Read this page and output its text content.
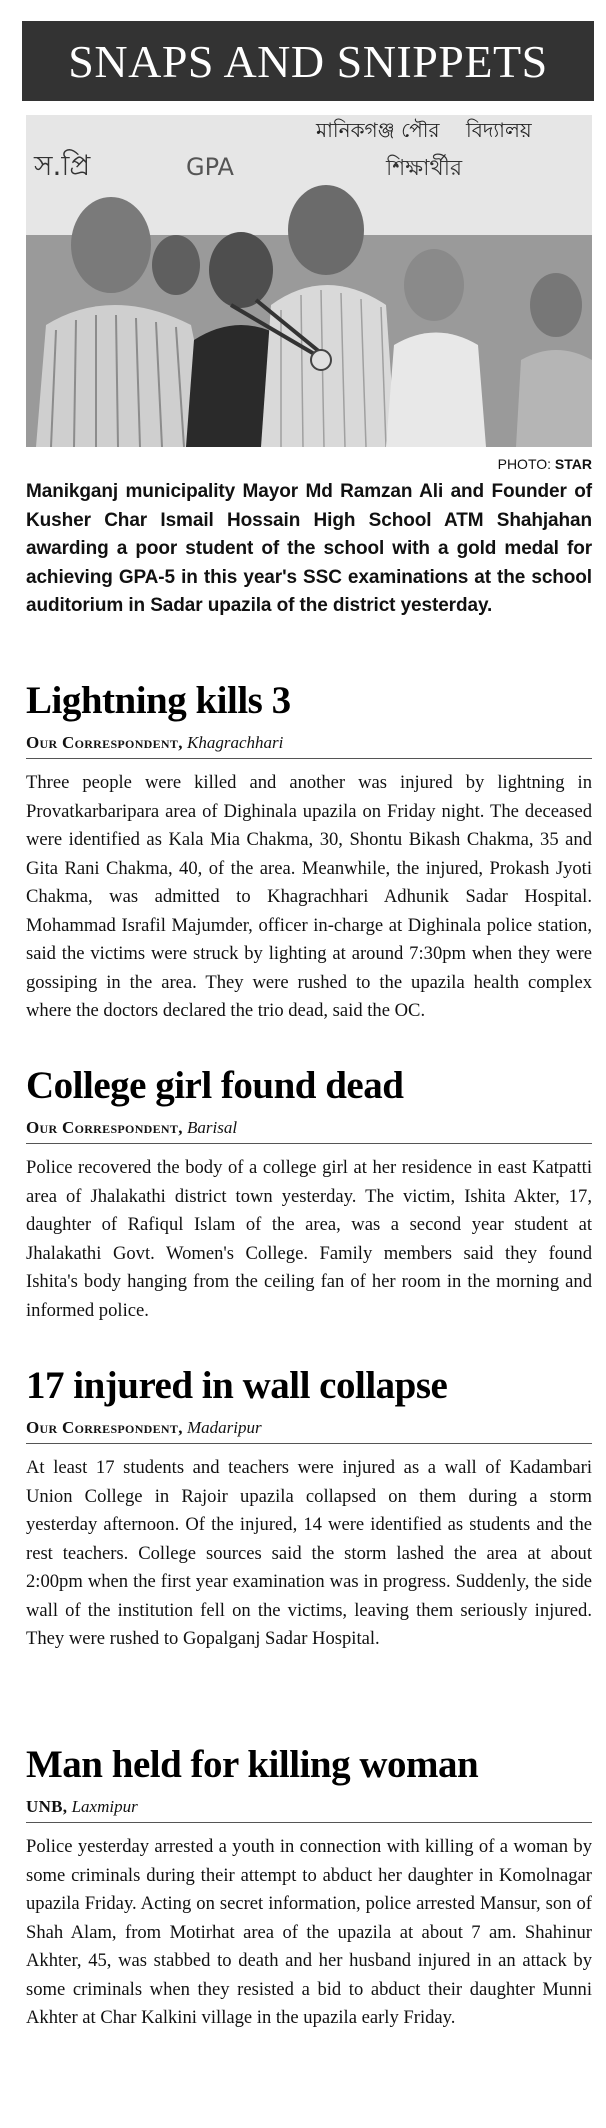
SNAPS AND SNIPPETS
মানিকগঞ্জ পৌর বিদ্যালয়
স.প্রি	GPA	শিক্ষার্থীর
PHOTO: STAR
Manikganj municipality Mayor Md Ramzan Ali and Founder of Kusher Char Ismail Hossain High School ATM Shahjahan awarding a poor student of the school with a gold medal for achieving GPA-5 in this year's SSC examinations at the school auditorium in Sadar upazila of the district yesterday.
Lightning kills 3
Our Correspondent, Khagrachhari
Three people were killed and another was injured by lightning in Provatkarbaripara area of Dighinala upazila on Friday night. The deceased were identified as Kala Mia Chakma, 30, Shontu Bikash Chakma, 35 and Gita Rani Chakma, 40, of the area. Meanwhile, the injured, Prokash Jyoti Chakma, was admitted to Khagrachhari Adhunik Sadar Hospital. Mohammad Israfil Majumder, officer in-charge at Dighinala police station, said the victims were struck by lighting at around 7:30pm when they were gossiping in the area. They were rushed to the upazila health complex where the doctors declared the trio dead, said the OC.
College girl found dead
Our Correspondent, Barisal
Police recovered the body of a college girl at her residence in east Katpatti area of Jhalakathi district town yesterday. The victim, Ishita Akter, 17, daughter of Rafiqul Islam of the area, was a second year student at Jhalakathi Govt. Women's College. Family members said they found Ishita's body hanging from the ceiling fan of her room in the morning and informed police.
17 injured in wall collapse
Our Correspondent, Madaripur
At least 17 students and teachers were injured as a wall of Kadambari Union College in Rajoir upazila collapsed on them during a storm yesterday afternoon. Of the injured, 14 were identified as students and the rest teachers. College sources said the storm lashed the area at about 2:00pm when the first year examination was in progress. Suddenly, the side wall of the institution fell on the victims, leaving them seriously injured. They were rushed to Gopalganj Sadar Hospital.
Man held for killing woman
UNB, Laxmipur
Police yesterday arrested a youth in connection with killing of a woman by some criminals during their attempt to abduct her daughter in Komolnagar upazila Friday. Acting on secret information, police arrested Mansur, son of Shah Alam, from Motirhat area of the upazila at about 7 am. Shahinur Akhter, 45, was stabbed to death and her husband injured in an attack by some criminals when they resisted a bid to abduct their daughter Munni Akhter at Char Kalkini village in the upazila early Friday.
